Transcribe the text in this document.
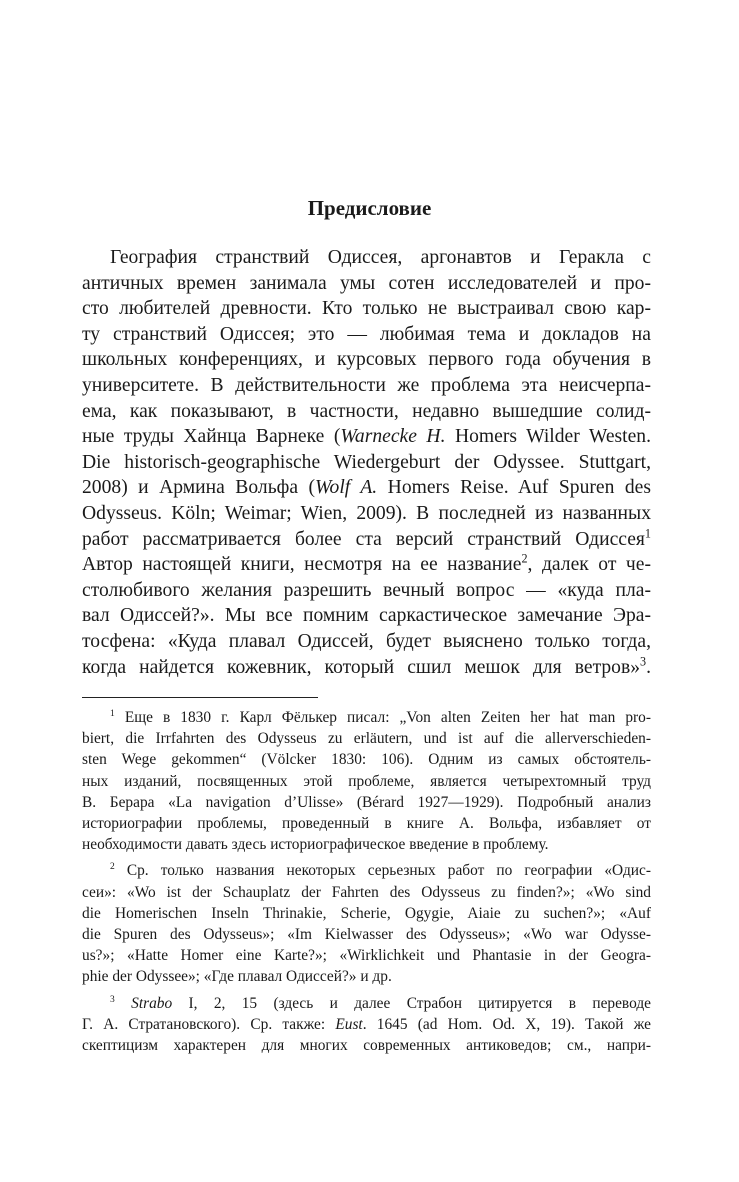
Предисловие
География странствий Одиссея, аргонавтов и Геракла с
античных времен занимала умы сотен исследователей и про-
сто любителей древности. Кто только не выстраивал свою кар-
ту странствий Одиссея; это — любимая тема и докладов на
школьных конференциях, и курсовых первого года обучения в
университете. В действительности же проблема эта неисчерпа-
ема, как показывают, в частности, недавно вышедшие солид-
ные труды Хайнца Варнеке (Warnecke H. Homers Wilder Westen.
Die historisch-geographische Wiedergeburt der Odyssee. Stuttgart,
2008) и Армина Вольфа (Wolf A. Homers Reise. Auf Spuren des
Odysseus. Köln; Weimar; Wien, 2009). В последней из названных
работ рассматривается более ста версий странствий Одиссея$^1$
Автор настоящей книги, несмотря на ее название$^2$, далек от че-
столюбивого желания разрешить вечный вопрос — «куда пла-
вал Одиссей?». Мы все помним саркастическое замечание Эра-
тосфена: «Куда плавал Одиссей, будет выяснено только тогда,
когда найдется кожевник, который сшил мешок для ветров»$^3$.
$^1$ Еще в 1830 г. Карл Фёлькер писал: „Von alten Zeiten her hat man pro-
biert, die Irrfahrten des Odysseus zu erläutern, und ist auf die allerverschieden-
sten Wege gekommen“ (Völcker 1830: 106). Одним из самых обстоятель-
ных изданий, посвященных этой проблеме, является четырехтомный труд
В. Берара «La navigation d’Ulisse» (Bérard 1927—1929). Подробный анализ
историографии проблемы, проведенный в книге А. Вольфа, избавляет от
необходимости давать здесь историографическое введение в проблему.
$^2$ Ср. только названия некоторых серьезных работ по географии «Одис-
сеи»: «Wo ist der Schauplatz der Fahrten des Odysseus zu finden?»; «Wo sind
die Homerischen Inseln Thrinakie, Scherie, Ogygie, Aiaie zu suchen?»; «Auf
die Spuren des Odysseus»; «Im Kielwasser des Odysseus»; «Wo war Odysse-
us?»; «Hatte Homer eine Karte?»; «Wirklichkeit und Phantasie in der Geogra-
phie der Odyssee»; «Где плавал Одиссей?» и др.
$^3$ Strabo I, 2, 15 (здесь и далее Страбон цитируется в переводе
Г. А. Стратановского). Ср. также: Eust. 1645 (ad Hom. Od. X, 19). Такой же
скептицизм характерен для многих современных антиковедов; см., напри-
